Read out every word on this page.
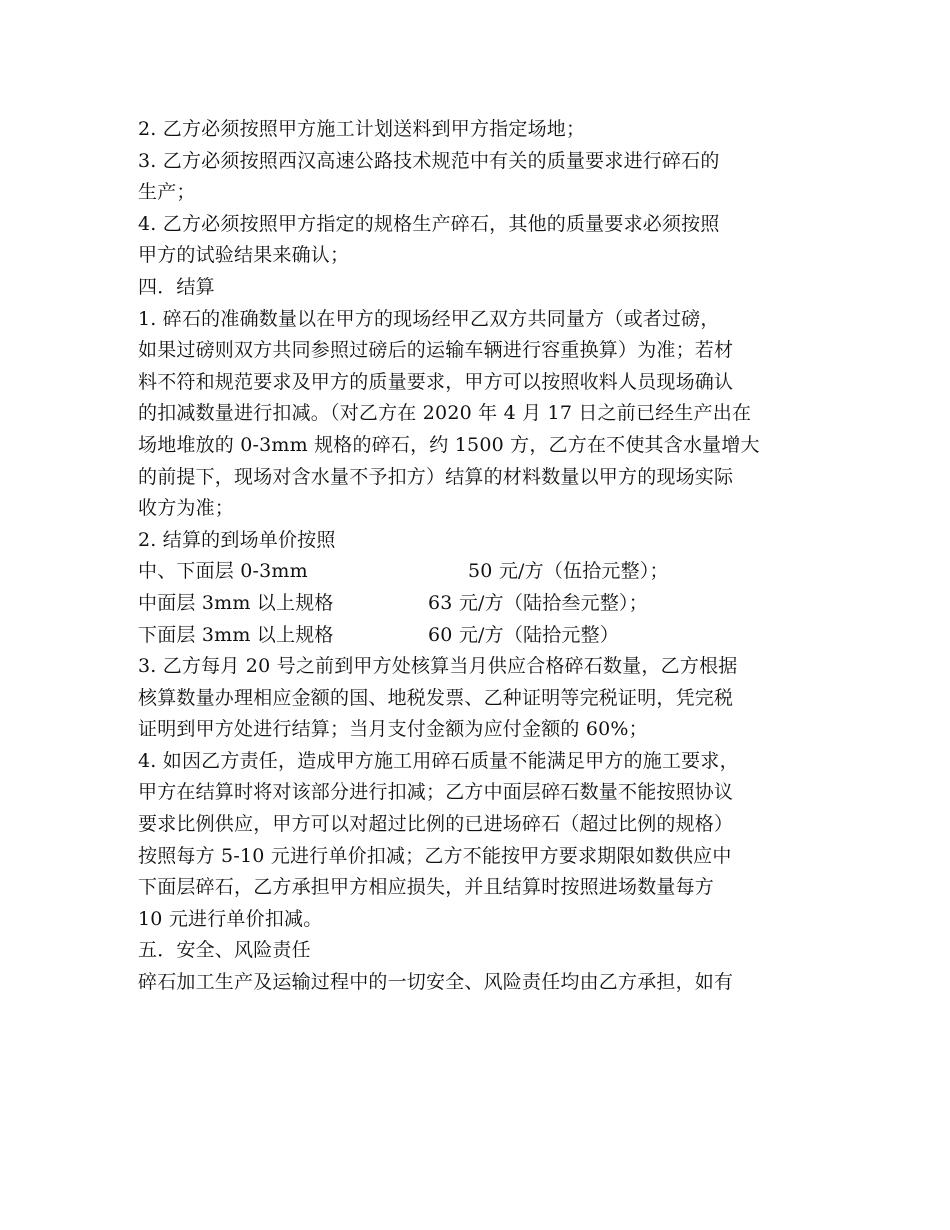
2. 乙方必须按照甲方施工计划送料到甲方指定场地；
3. 乙方必须按照西汉高速公路技术规范中有关的质量要求进行碎石的
生产；
4. 乙方必须按照甲方指定的规格生产碎石，其他的质量要求必须按照
甲方的试验结果来确认；
四．结算
1. 碎石的准确数量以在甲方的现场经甲乙双方共同量方（或者过磅，
如果过磅则双方共同参照过磅后的运输车辆进行容重换算）为准；若材
料不符和规范要求及甲方的质量要求，甲方可以按照收料人员现场确认
的扣减数量进行扣减。（对乙方在 2020 年 4 月 17 日之前已经生产出在
场地堆放的 0-3mm 规格的碎石，约 1500 方，乙方在不使其含水量增大
的前提下，现场对含水量不予扣方）结算的材料数量以甲方的现场实际
收方为准；
2. 结算的到场单价按照
中、下面层 0-3mm	50 元/方（伍拾元整）；
中面层 3mm 以上规格	63 元/方（陆拾叁元整）；
下面层 3mm 以上规格	60 元/方（陆拾元整）
3. 乙方每月 20 号之前到甲方处核算当月供应合格碎石数量，乙方根据
核算数量办理相应金额的国、地税发票、乙种证明等完税证明，凭完税
证明到甲方处进行结算；当月支付金额为应付金额的 60%；
4. 如因乙方责任，造成甲方施工用碎石质量不能满足甲方的施工要求，
甲方在结算时将对该部分进行扣减；乙方中面层碎石数量不能按照协议
要求比例供应，甲方可以对超过比例的已进场碎石（超过比例的规格）
按照每方 5-10 元进行单价扣减；乙方不能按甲方要求期限如数供应中
下面层碎石，乙方承担甲方相应损失，并且结算时按照进场数量每方
10 元进行单价扣减。
五．安全、风险责任
碎石加工生产及运输过程中的一切安全、风险责任均由乙方承担，如有
